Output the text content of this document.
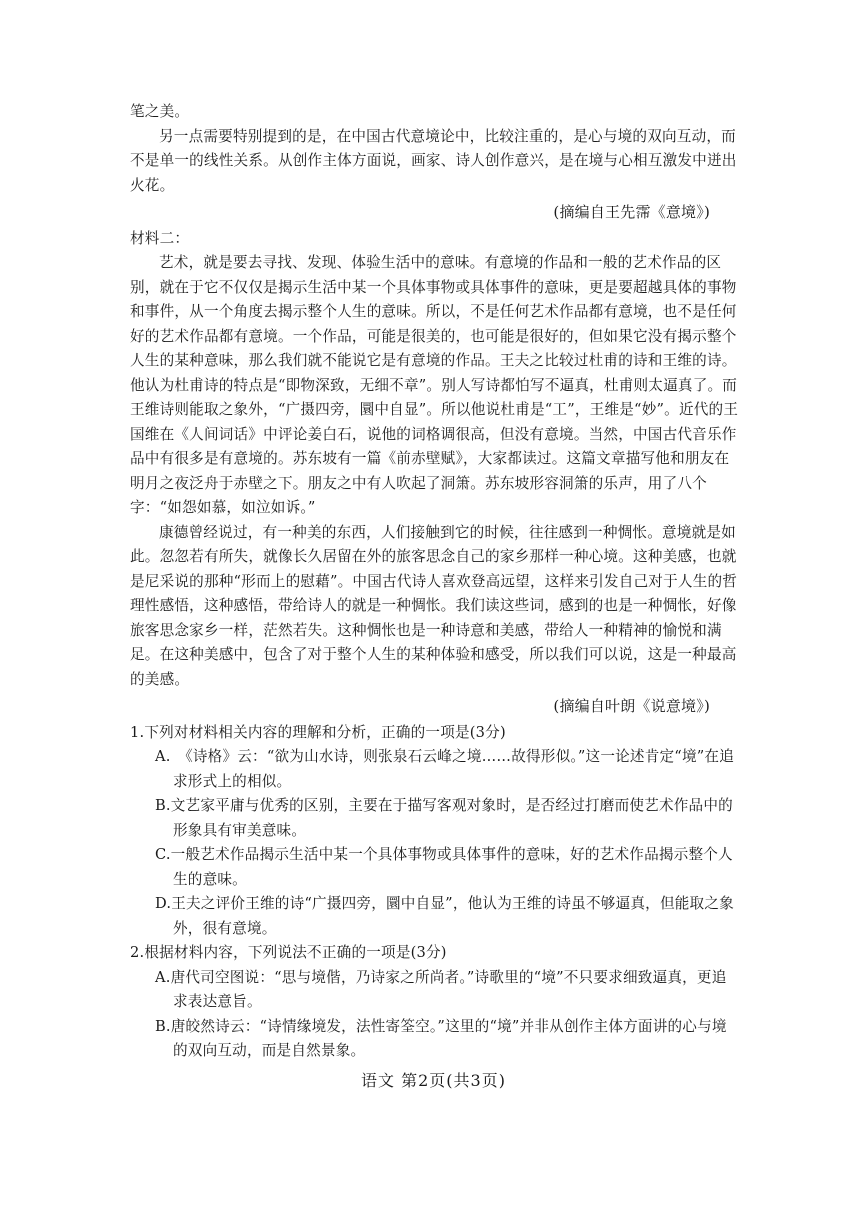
笔之美。

另一点需要特别提到的是，在中国古代意境论中，比较注重的，是心与境的双向互动，而不是单一的线性关系。从创作主体方面说，画家、诗人创作意兴，是在境与心相互激发中迸出火花。

(摘编自王先霈《意境》)

材料二：

艺术，就是要去寻找、发现、体验生活中的意味。有意境的作品和一般的艺术作品的区别，就在于它不仅仅是揭示生活中某一个具体事物或具体事件的意味，更是要超越具体的事物和事件，从一个角度去揭示整个人生的意味。所以，不是任何艺术作品都有意境，也不是任何好的艺术作品都有意境。一个作品，可能是很美的，也可能是很好的，但如果它没有揭示整个人生的某种意味，那么我们就不能说它是有意境的作品。王夫之比较过杜甫的诗和王维的诗。他认为杜甫诗的特点是“即物深致，无细不章”。别人写诗都怕写不逼真，杜甫则太逼真了。而王维诗则能取之象外，“广摄四旁，圜中自显”。所以他说杜甫是“工”，王维是“妙”。近代的王国维在《人间词话》中评论姜白石，说他的词格调很高，但没有意境。当然，中国古代音乐作品中有很多是有意境的。苏东坡有一篇《前赤壁赋》，大家都读过。这篇文章描写他和朋友在明月之夜泛舟于赤壁之下。朋友之中有人吹起了洞箫。苏东坡形容洞箫的乐声，用了八个字：“如怨如慕，如泣如诉。”

康德曾经说过，有一种美的东西，人们接触到它的时候，往往感到一种惆怅。意境就是如此。忽忽若有所失，就像长久居留在外的旅客思念自己的家乡那样一种心境。这种美感，也就是尼采说的那种“形而上的慰藉”。中国古代诗人喜欢登高远望，这样来引发自己对于人生的哲理性感悟，这种感悟，带给诗人的就是一种惆怅。我们读这些词，感到的也是一种惆怅，好像旅客思念家乡一样，茫然若失。这种惆怅也是一种诗意和美感，带给人一种精神的愉悦和满足。在这种美感中，包含了对于整个人生的某种体验和感受，所以我们可以说，这是一种最高的美感。

(摘编自叶朗《说意境》)

1.下列对材料相关内容的理解和分析，正确的一项是(3分)

A.　《诗格》云：“欲为山水诗，则张泉石云峰之境……故得形似。”这一论述肯定“境”在追求形式上的相似。

B.文艺家平庸与优秀的区别，主要在于描写客观对象时，是否经过打磨而使艺术作品中的形象具有审美意味。

C.一般艺术作品揭示生活中某一个具体事物或具体事件的意味，好的艺术作品揭示整个人生的意味。

D.王夫之评价王维的诗“广摄四旁，圜中自显”，他认为王维的诗虽不够逼真，但能取之象外，很有意境。

2.根据材料内容，下列说法不正确的一项是(3分)

A.唐代司空图说：“思与境偕，乃诗家之所尚者。”诗歌里的“境”不只要求细致逼真，更追求表达意旨。

B.唐皎然诗云：“诗情缘境发，法性寄筌空。”这里的“境”并非从创作主体方面讲的心与境的双向互动，而是自然景象。

语文 第2页(共3页)
